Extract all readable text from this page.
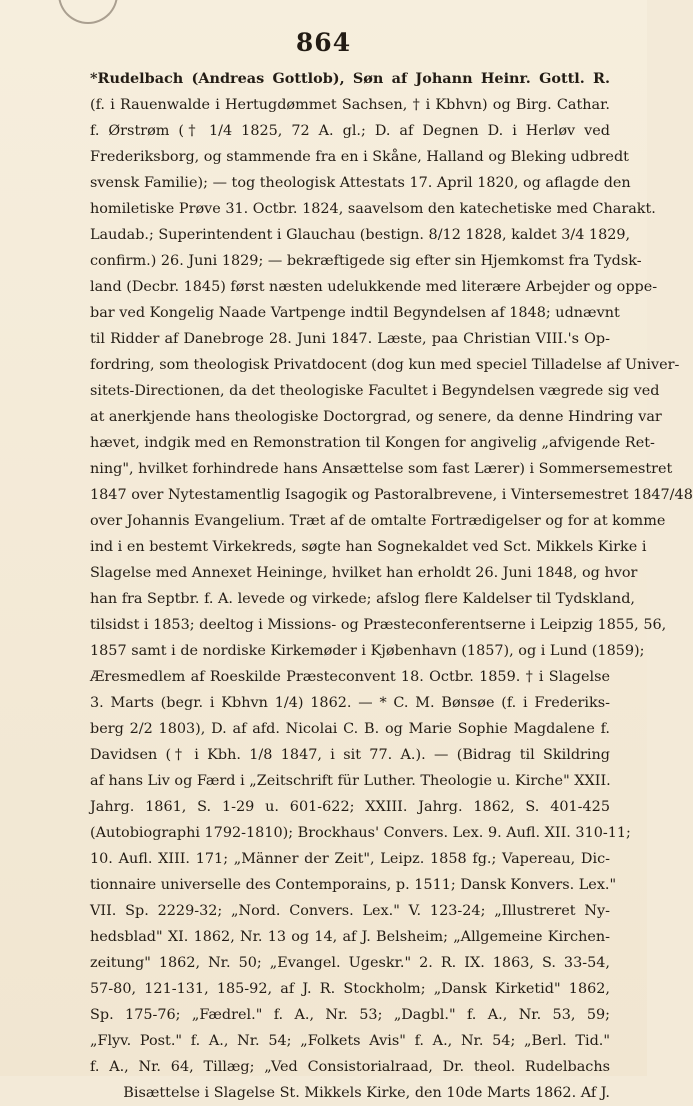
864
*Rudelbach (Andreas Gottlob), Søn af Johann Heinr. Gottl. R.
(f. i Rauenwalde i Hertugdømmet Sachsen, † i Kbhvn) og Birg. Cathar.
f. Ørstrøm († 1/4 1825, 72 A. gl.; D. af Degnen D. i Herløv ved
Frederiksborg, og stammende fra en i Skåne, Halland og Bleking udbredt
svensk Familie); — tog theologisk Attestats 17. April 1820, og aflagde den
homiletiske Prøve 31. Octbr. 1824, saavelsom den katechetiske med Charakt.
Laudab.; Superintendent i Glauchau (bestign. 8/12 1828, kaldet 3/4 1829,
confirm.) 26. Juni 1829; — bekræftigede sig efter sin Hjemkomst fra Tydsk-
land (Decbr. 1845) først næsten udelukkende med literære Arbejder og oppe-
bar ved Kongelig Naade Vartpenge indtil Begyndelsen af 1848; udnævnt
til Ridder af Danebroge 28. Juni 1847. Læste, paa Christian VIII.'s Op-
fordring, som theologisk Privatdocent (dog kun med speciel Tilladelse af Univer-
sitets-Directionen, da det theologiske Facultet i Begyndelsen vægrede sig ved
at anerkjende hans theologiske Doctorgrad, og senere, da denne Hindring var
hævet, indgik med en Remonstration til Kongen for angivelig „afvigende Ret-
ning", hvilket forhindrede hans Ansættelse som fast Lærer) i Sommersemestret
1847 over Nytestamentlig Isagogik og Pastoralbrevene, i Vintersemestret 1847/48
over Johannis Evangelium. Træt af de omtalte Fortrædigelser og for at komme
ind i en bestemt Virkekreds, søgte han Sognekaldet ved Sct. Mikkels Kirke i
Slagelse med Annexet Heininge, hvilket han erholdt 26. Juni 1848, og hvor
han fra Septbr. f. A. levede og virkede; afslog flere Kaldelser til Tydskland,
tilsidst i 1853; deeltog i Missions- og Præsteconferentserne i Leipzig 1855, 56,
1857 samt i de nordiske Kirkemøder i Kjøbenhavn (1857), og i Lund (1859);
Æresmedlem af Roeskilde Præsteconvent 18. Octbr. 1859. † i Slagelse
3. Marts (begr. i Kbhvn 1/4) 1862. — * C. M. Bønsøe (f. i Frederiks-
berg 2/2 1803), D. af afd. Nicolai C. B. og Marie Sophie Magdalene f.
Davidsen († i Kbh. 1/8 1847, i sit 77. A.). — (Bidrag til Skildring
af hans Liv og Færd i „Zeitschrift für Luther. Theologie u. Kirche" XXII.
Jahrg. 1861, S. 1-29 u. 601-622; XXIII. Jahrg. 1862, S. 401-425
(Autobiographi 1792-1810); Brockhaus' Convers. Lex. 9. Aufl. XII. 310-11;
10. Aufl. XIII. 171; „Männer der Zeit", Leipz. 1858 fg.; Vapereau, Dic-
tionnaire universelle des Contemporains, p. 1511; Dansk Konvers. Lex."
VII. Sp. 2229-32; „Nord. Convers. Lex." V. 123-24; „Illustreret Ny-
hedsblad" XI. 1862, Nr. 13 og 14, af J. Belsheim; „Allgemeine Kirchen-
zeitung" 1862, Nr. 50; „Evangel. Ugeskr." 2. R. IX. 1863, S. 33-54,
57-80, 121-131, 185-92, af J. R. Stockholm; „Dansk Kirketid" 1862,
Sp. 175-76; „Fædrel." f. A., Nr. 53; „Dagbl." f. A., Nr. 53, 59;
„Flyv. Post." f. A., Nr. 54; „Folkets Avis" f. A., Nr. 54; „Berl. Tid."
f. A., Nr. 64, Tillæg; „Ved Consistorialraad, Dr. theol. Rudelbachs
Bisættelse i Slagelse St. Mikkels Kirke, den 10de Marts 1862. Af J.
